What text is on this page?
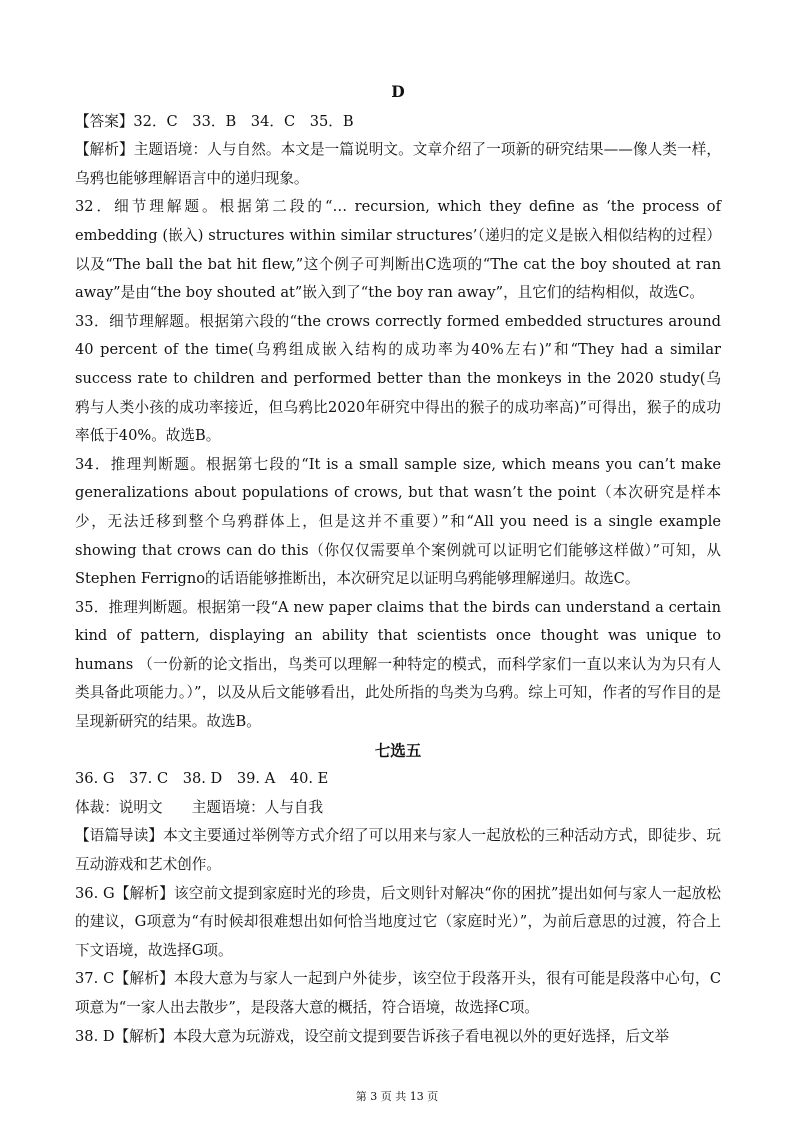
D

【答案】32．C　33．B　34．C　35．B

【解析】主题语境：人与自然。本文是一篇说明文。文章介绍了一项新的研究结果——像人类一样，乌鸦也能够理解语言中的递归现象。

32．细节理解题。根据第二段的“… recursion, which they define as ‘the process of embedding (嵌入) structures within similar structures’（递归的定义是嵌入相似结构的过程）以及“The ball the bat hit flew,”这个例子可判断出C选项的“The cat the boy shouted at ran away”是由“the boy shouted at”嵌入到了“the boy ran away”，且它们的结构相似，故选C。

33．细节理解题。根据第六段的“the crows correctly formed embedded structures around 40 percent of the time(乌鸦组成嵌入结构的成功率为40%左右)”和“They had a similar success rate to children and performed better than the monkeys in the 2020 study(乌鸦与人类小孩的成功率接近，但乌鸦比2020年研究中得出的猴子的成功率高)”可得出，猴子的成功率低于40%。故选B。

34．推理判断题。根据第七段的“It is a small sample size, which means you can’t make generalizations about populations of crows, but that wasn’t the point（本次研究是样本少，无法迁移到整个乌鸦群体上，但是这并不重要）”和“All you need is a single example showing that crows can do this（你仅仅需要单个案例就可以证明它们能够这样做）”可知，从Stephen Ferrigno的话语能够推断出，本次研究足以证明乌鸦能够理解递归。故选C。

35．推理判断题。根据第一段“A new paper claims that the birds can understand a certain kind of pattern, displaying an ability that scientists once thought was unique to humans （一份新的论文指出，鸟类可以理解一种特定的模式，而科学家们一直以来认为为只有人类具备此项能力。）”，以及从后文能够看出，此处所指的鸟类为乌鸦。综上可知，作者的写作目的是呈现新研究的结果。故选B。

七选五

36. G　37. C　38. D　39. A　40. E

体裁：说明文　　主题语境：人与自我

【语篇导读】本文主要通过举例等方式介绍了可以用来与家人一起放松的三种活动方式，即徒步、玩互动游戏和艺术创作。

36. G【解析】该空前文提到家庭时光的珍贵，后文则针对解决“你的困扰”提出如何与家人一起放松的建议，G项意为“有时候却很难想出如何恰当地度过它（家庭时光）”，为前后意思的过渡，符合上下文语境，故选择G项。

37. C【解析】本段大意为与家人一起到户外徒步，该空位于段落开头，很有可能是段落中心句，C项意为“一家人出去散步”，是段落大意的概括，符合语境，故选择C项。

38. D【解析】本段大意为玩游戏，设空前文提到要告诉孩子看电视以外的更好选择，后文举

第 3 页 共 13 页
